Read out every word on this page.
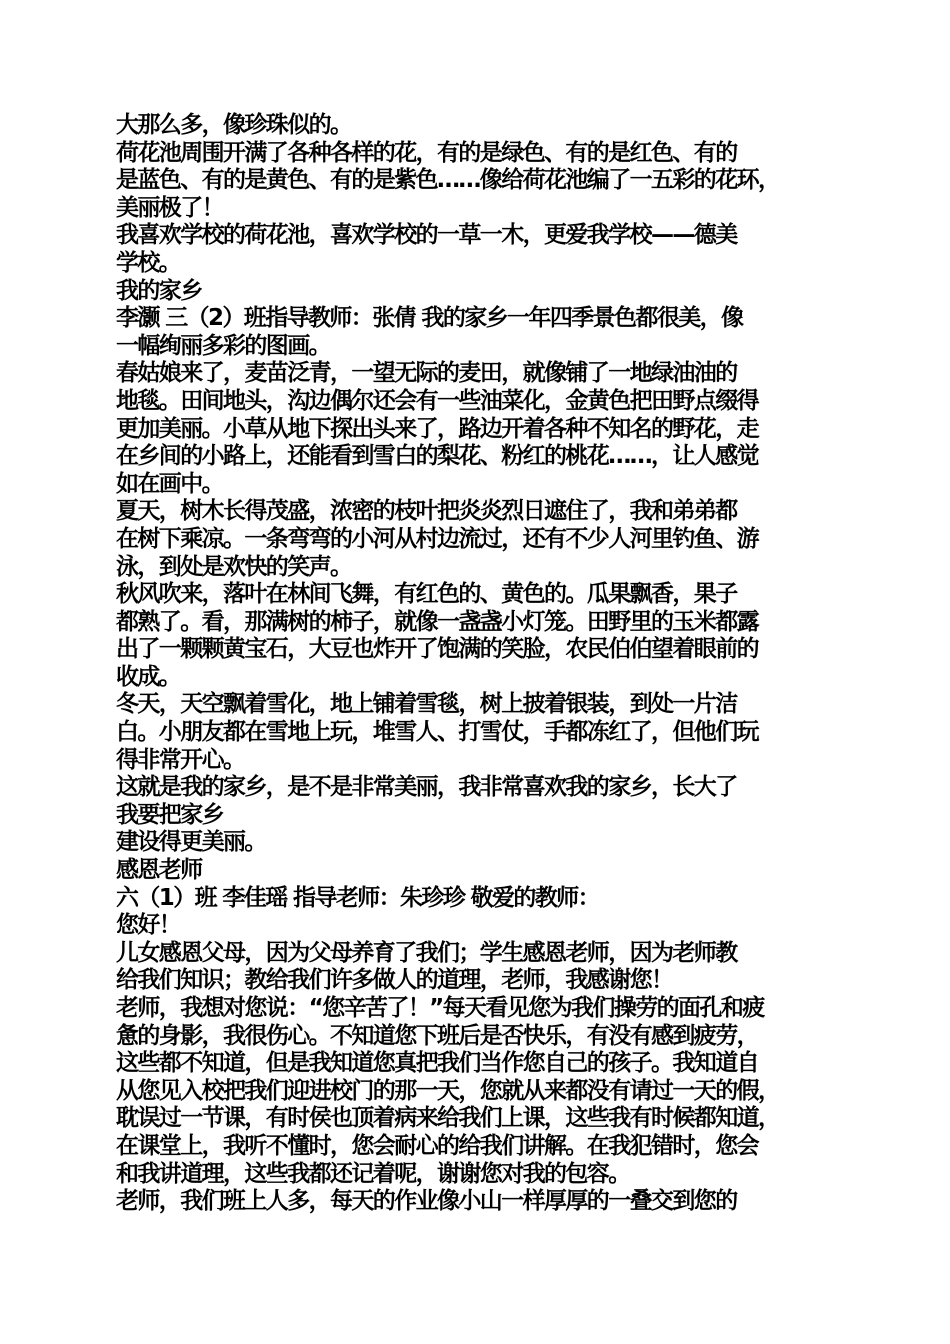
大那么多，像珍珠似的。
荷花池周围开满了各种各样的花，有的是绿色、有的是红色、有的
是蓝色、有的是黄色、有的是紫色……像给荷花池编了一五彩的花环，
美丽极了！
我喜欢学校的荷花池，喜欢学校的一草一木，更爱我学校——德美
学校。
我的家乡
李灏 三（2）班指导教师：张倩 我的家乡一年四季景色都很美，像
一幅绚丽多彩的图画。
春姑娘来了，麦苗泛青，一望无际的麦田，就像铺了一地绿油油的
地毯。田间地头，沟边偶尔还会有一些油菜化，金黄色把田野点缀得
更加美丽。小草从地下探出头来了，路边开着各种不知名的野花，走
在乡间的小路上，还能看到雪白的梨花、粉红的桃花……，让人感觉
如在画中。
夏天，树木长得茂盛，浓密的枝叶把炎炎烈日遮住了，我和弟弟都
在树下乘凉。一条弯弯的小河从村边流过，还有不少人河里钓鱼、游
泳，到处是欢快的笑声。
秋风吹来，落叶在林间飞舞，有红色的、黄色的。瓜果飘香，果子
都熟了。看，那满树的柿子，就像一盏盏小灯笼。田野里的玉米都露
出了一颗颗黄宝石，大豆也炸开了饱满的笑脸，农民伯伯望着眼前的
收成。
冬天，天空飘着雪化，地上铺着雪毯，树上披着银装，到处一片洁
白。小朋友都在雪地上玩，堆雪人、打雪仗，手都冻红了，但他们玩
得非常开心。
这就是我的家乡，是不是非常美丽，我非常喜欢我的家乡，长大了
我要把家乡
建设得更美丽。
感恩老师
六（1）班 李佳瑶 指导老师：朱珍珍 敬爱的教师：
您好！
儿女感恩父母，因为父母养育了我们；学生感恩老师，因为老师教
给我们知识；教给我们许多做人的道理，老师，我感谢您！
老师，我想对您说：“您辛苦了！”每天看见您为我们操劳的面孔和疲
惫的身影，我很伤心。不知道您下班后是否快乐，有没有感到疲劳，
这些都不知道，但是我知道您真把我们当作您自己的孩子。我知道自
从您见入校把我们迎进校门的那一天，您就从来都没有请过一天的假，
耽误过一节课，有时侯也顶着病来给我们上课，这些我有时候都知道，
在课堂上，我听不懂时，您会耐心的给我们讲解。在我犯错时，您会
和我讲道理，这些我都还记着呢，谢谢您对我的包容。
老师，我们班上人多，每天的作业像小山一样厚厚的一叠交到您的
